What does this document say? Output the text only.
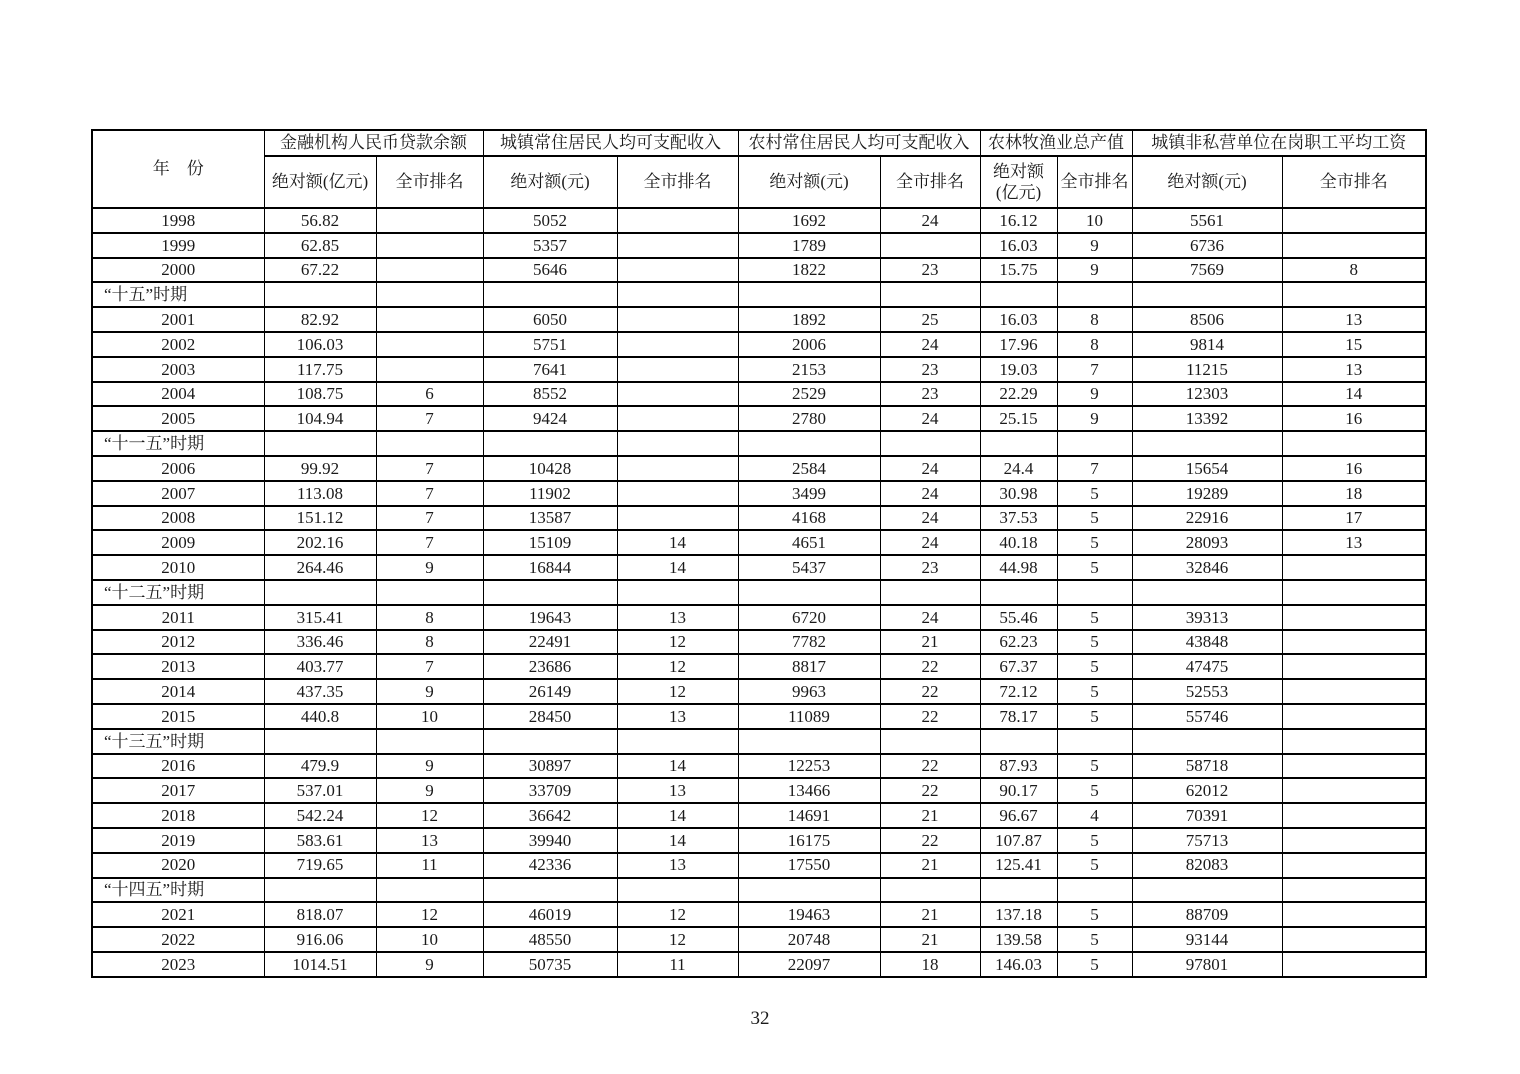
年　份	金融机构人民币贷款余额		城镇常住居民人均可支配收入		农村常住居民人均可支配收入		农林牧渔业总产值		城镇非私营单位在岗职工平均工资	
	绝对额(亿元)	全市排名	绝对额(元)	全市排名	绝对额(元)	全市排名	绝对额(亿元)	全市排名	绝对额(元)	全市排名
1998	56.82		5052		1692	24	16.12	10	5561	
1999	62.85		5357		1789		16.03	9	6736	
2000	67.22		5646		1822	23	15.75	9	7569	8
“十五”时期										
2001	82.92		6050		1892	25	16.03	8	8506	13
2002	106.03		5751		2006	24	17.96	8	9814	15
2003	117.75		7641		2153	23	19.03	7	11215	13
2004	108.75	6	8552		2529	23	22.29	9	12303	14
2005	104.94	7	9424		2780	24	25.15	9	13392	16
“十一五”时期										
2006	99.92	7	10428		2584	24	24.4	7	15654	16
2007	113.08	7	11902		3499	24	30.98	5	19289	18
2008	151.12	7	13587		4168	24	37.53	5	22916	17
2009	202.16	7	15109	14	4651	24	40.18	5	28093	13
2010	264.46	9	16844	14	5437	23	44.98	5	32846	
“十二五”时期										
2011	315.41	8	19643	13	6720	24	55.46	5	39313	
2012	336.46	8	22491	12	7782	21	62.23	5	43848	
2013	403.77	7	23686	12	8817	22	67.37	5	47475	
2014	437.35	9	26149	12	9963	22	72.12	5	52553	
2015	440.8	10	28450	13	11089	22	78.17	5	55746	
“十三五”时期										
2016	479.9	9	30897	14	12253	22	87.93	5	58718	
2017	537.01	9	33709	13	13466	22	90.17	5	62012	
2018	542.24	12	36642	14	14691	21	96.67	4	70391	
2019	583.61	13	39940	14	16175	22	107.87	5	75713	
2020	719.65	11	42336	13	17550	21	125.41	5	82083	
“十四五”时期										
2021	818.07	12	46019	12	19463	21	137.18	5	88709	
2022	916.06	10	48550	12	20748	21	139.58	5	93144	
2023	1014.51	9	50735	11	22097	18	146.03	5	97801	
32
